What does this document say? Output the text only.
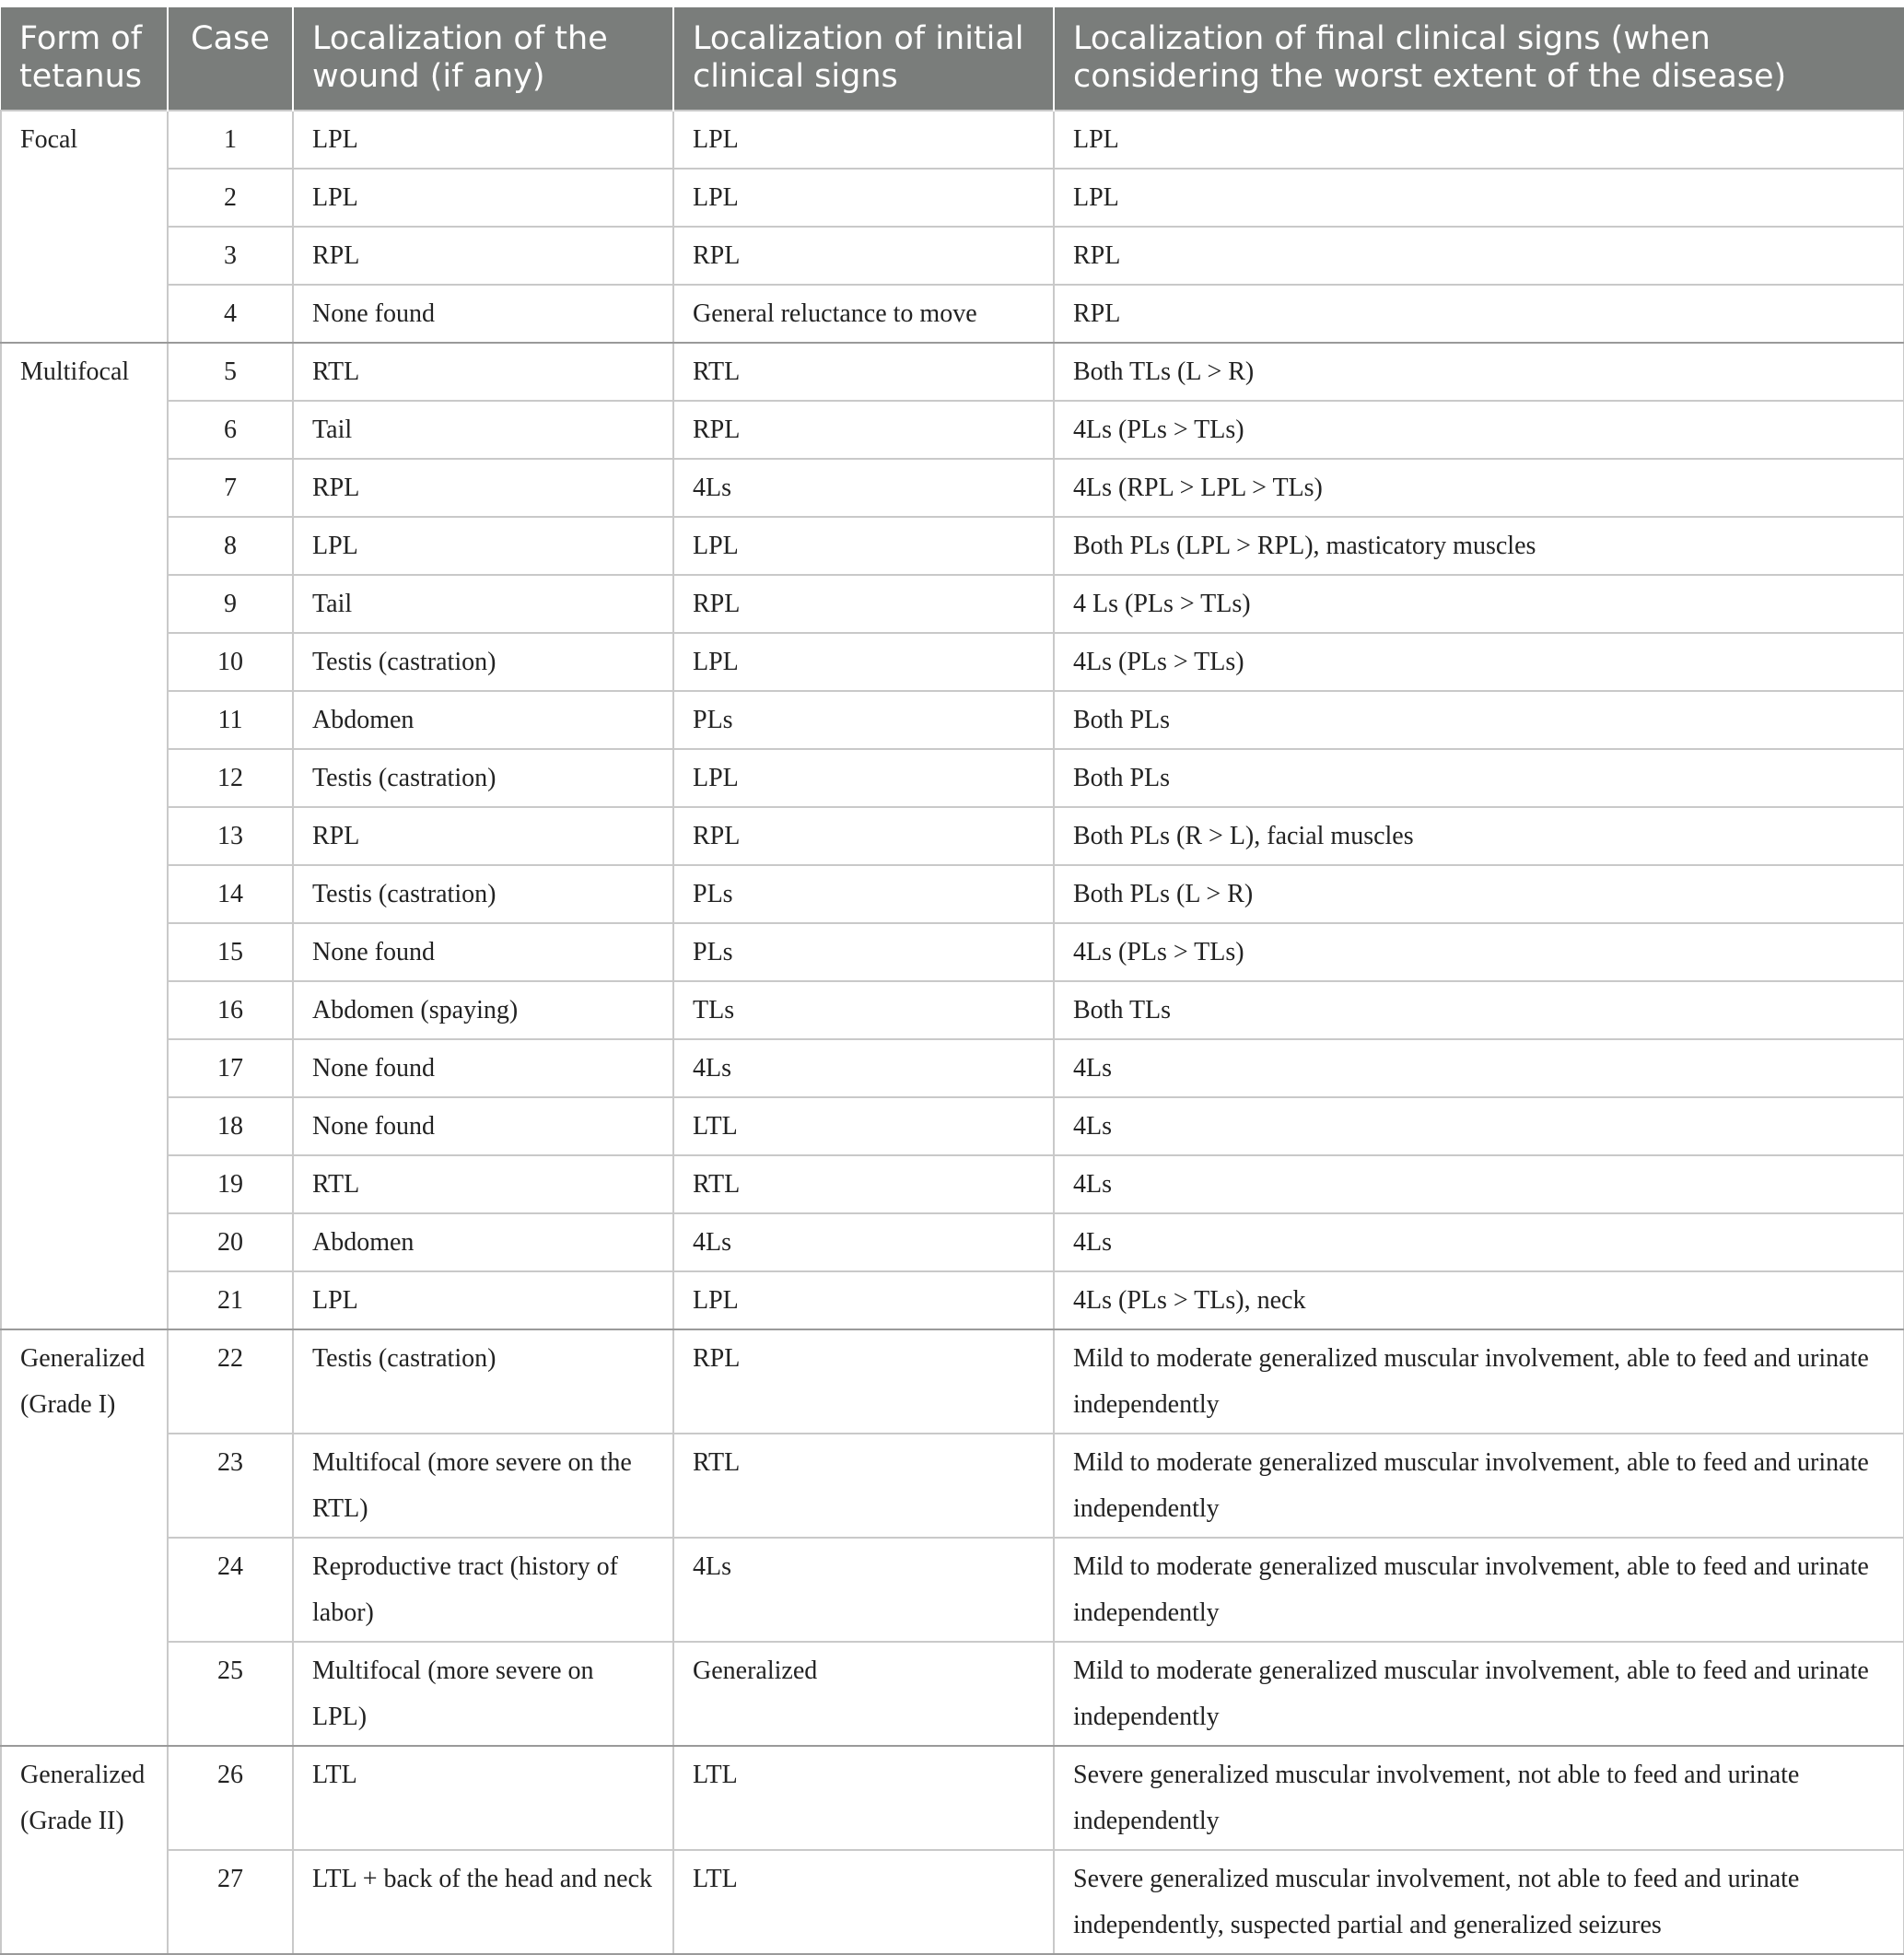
Form of tetanus	Case	Localization of the wound (if any)	Localization of initial clinical signs	Localization of final clinical signs (when considering the worst extent of the disease)
Focal	1	LPL	LPL	LPL
	2	LPL	LPL	LPL
	3	RPL	RPL	RPL
	4	None found	General reluctance to move	RPL
Multifocal	5	RTL	RTL	Both TLs (L > R)
	6	Tail	RPL	4Ls (PLs > TLs)
	7	RPL	4Ls	4Ls (RPL > LPL > TLs)
	8	LPL	LPL	Both PLs (LPL > RPL), masticatory muscles
	9	Tail	RPL	4 Ls (PLs > TLs)
	10	Testis (castration)	LPL	4Ls (PLs > TLs)
	11	Abdomen	PLs	Both PLs
	12	Testis (castration)	LPL	Both PLs
	13	RPL	RPL	Both PLs (R > L), facial muscles
	14	Testis (castration)	PLs	Both PLs (L > R)
	15	None found	PLs	4Ls (PLs > TLs)
	16	Abdomen (spaying)	TLs	Both TLs
	17	None found	4Ls	4Ls
	18	None found	LTL	4Ls
	19	RTL	RTL	4Ls
	20	Abdomen	4Ls	4Ls
	21	LPL	LPL	4Ls (PLs > TLs), neck
Generalized (Grade I)	22	Testis (castration)	RPL	Mild to moderate generalized muscular involvement, able to feed and urinate independently
	23	Multifocal (more severe on the RTL)	RTL	Mild to moderate generalized muscular involvement, able to feed and urinate independently
	24	Reproductive tract (history of labor)	4Ls	Mild to moderate generalized muscular involvement, able to feed and urinate independently
	25	Multifocal (more severe on LPL)	Generalized	Mild to moderate generalized muscular involvement, able to feed and urinate independently
Generalized (Grade II)	26	LTL	LTL	Severe generalized muscular involvement, not able to feed and urinate independently
	27	LTL + back of the head and neck	LTL	Severe generalized muscular involvement, not able to feed and urinate independently, suspected partial and generalized seizures
